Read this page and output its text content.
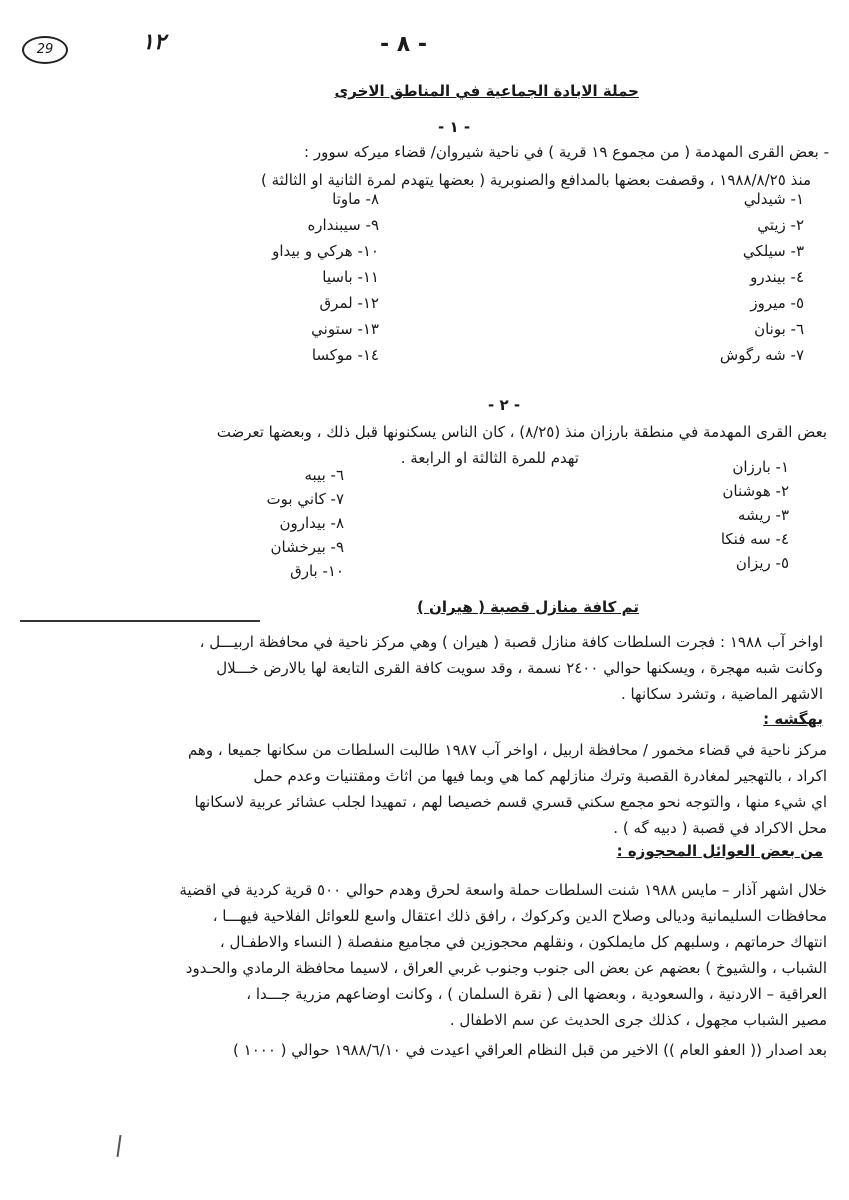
29	١٢	- ٨ -
حملة الابادة الجماعية في المناطق الاخرى
- ١ -
- بعض القرى المهدمة ( من مجموع ١٩ قرية ) في ناحية شيروان/ قضاء ميركه سوور :
منذ ١٩٨٨/٨/٢٥ ، وقصفت بعضها بالمدافع والصنوبرية ( بعضها يتهدم لمرة الثانية او الثالثة )
١- شيدلي
٢- زيتي
٣- سيلكي
٤- بيندرو
٥- ميروز
٦- بونان
٧- شه رگوش
٨- ماوتا
٩- سيبنداره
١٠- هركي و بيداو
١١- باسيا
١٢- لمرق
١٣- ستوني
١٤- موكسا
- ٢ -
بعض القرى المهدمة في منطقة بارزان منذ (٨/٢٥) ، كان الناس يسكنونها قبل ذلك ، وبعضها تعرضت
تهدم للمرة الثالثة او الرابعة .	١- بارزان
٢- هوشنان
٣- ريشه
٤- سه فنكا
٥- ريزان
٦- بيبه
٧- كاني بوت
٨- بيدارون
٩- بيرخشان
١٠- بارق
تم كافة منازل قصبة ( هيران )
اواخر آب ١٩٨٨ : فجرت السلطات كافة منازل قصبة ( هيران ) وهي مركز ناحية في محافظة اربيـــل ،
وكانت شبه مهجرة ، ويسكنها حوالي ٢٤٠٠ نسمة ، وقد سويت كافة القرى التابعة لها بالارض خـــلال
الاشهر الماضية ، وتشرد سكانها .
بهگشه :
مركز ناحية في قضاء مخمور / محافظة اربيل ، اواخر آب ١٩٨٧ طالبت السلطات من سكانها جميعا ، وهم
اكراد ، بالتهجير لمغادرة القصبة وترك منازلهم كما هي وبما فيها من اثاث ومقتنيات وعدم حمل
اي شيء منها ، والتوجه نحو مجمع سكني قسري قسم خصيصا لهم ، تمهيدا لجلب عشائر عربية لاسكانها
محل الاكراد في قصبة ( دبيه گه ) .
من بعض العوائل المحجوزه :
خلال اشهر آذار – مايس ١٩٨٨ شنت السلطات حملة واسعة لحرق وهدم حوالي ٥٠٠ قرية كردية في اقضية
محافظات السليمانية وديالى وصلاح الدين وكركوك ، رافق ذلك اعتقال واسع للعوائل الفلاحية فيهـــا ،
انتهاك حرماتهم ، وسلبهم كل مايملكون ، ونقلهم محجوزين في مجاميع منفصلة ( النساء والاطفـال ،
الشباب ، والشيوخ ) بعضهم عن بعض الى جنوب وجنوب غربي العراق ، لاسيما محافظة الرمادي والحـدود
العراقية – الاردنية ، والسعودية ، وبعضها الى ( نقرة السلمان ) ، وكانت اوضاعهم مزرية جـــدا ،
مصير الشباب مجهول ، كذلك جرى الحديث عن سم الاطفال .
بعد اصدار (( العفو العام )) الاخير من قبل النظام العراقي اعيدت في ١٩٨٨/٦/١٠ حوالي ( ١٠٠٠ )
